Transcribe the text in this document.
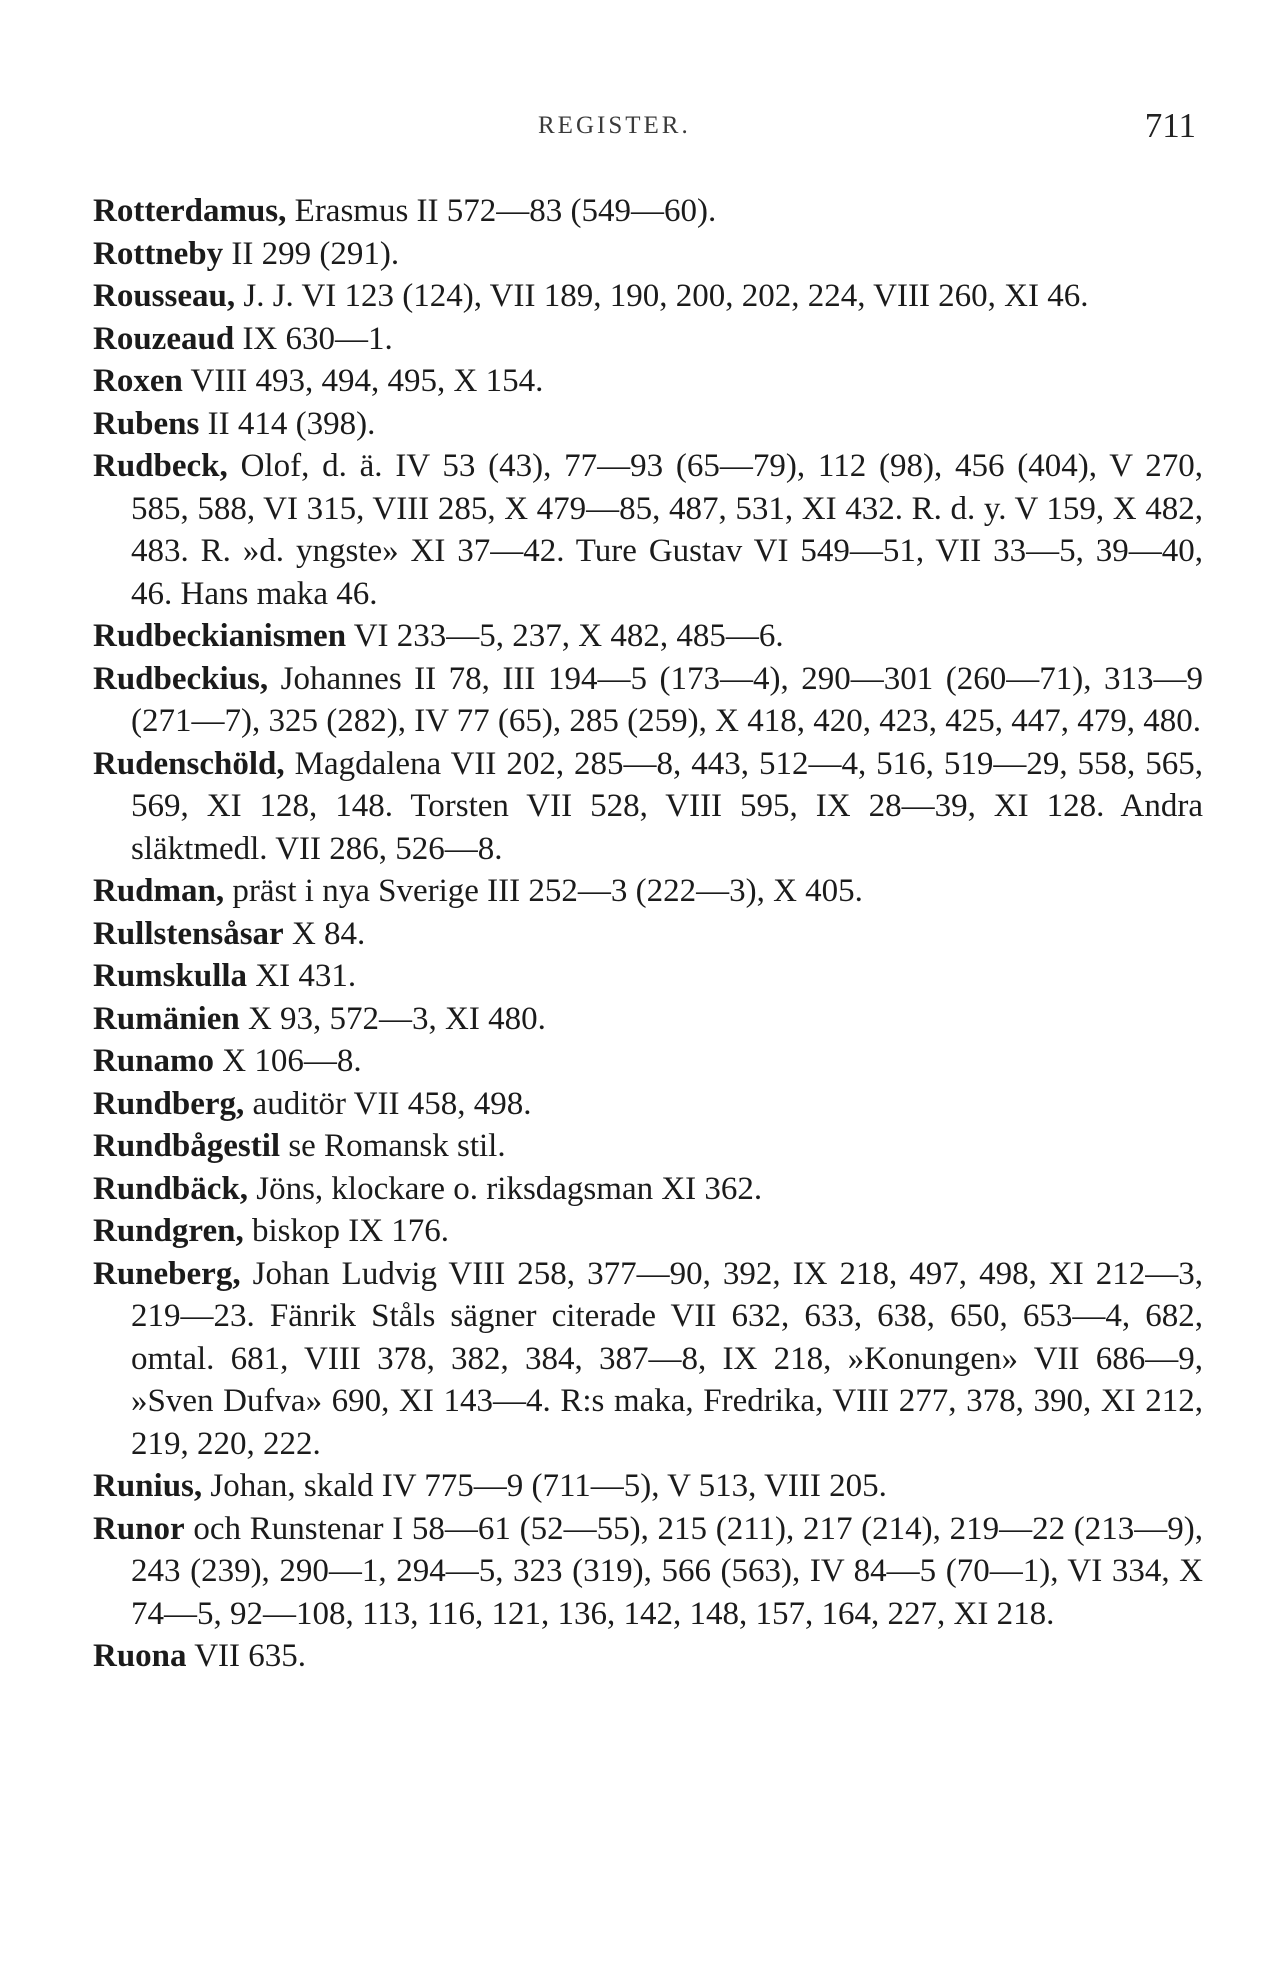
REGISTER.	711

Rotterdamus, Erasmus II 572—83 (549—60).

Rottneby II 299 (291).

Rousseau, J. J. VI 123 (124), VII 189, 190, 200, 202, 224, VIII 260, XI 46.

Rouzeaud IX 630—1.

Roxen VIII 493, 494, 495, X 154.

Rubens II 414 (398).

Rudbeck, Olof, d. ä. IV 53 (43), 77—93 (65—79), 112 (98), 456 (404), V 270, 585, 588, VI 315, VIII 285, X 479—85, 487, 531, XI 432. R. d. y. V 159, X 482, 483. R. »d. yngste» XI 37—42. Ture Gustav VI 549—51, VII 33—5, 39—40, 46. Hans maka 46.

Rudbeckianismen VI 233—5, 237, X 482, 485—6.

Rudbeckius, Johannes II 78, III 194—5 (173—4), 290—301 (260—71), 313—9 (271—7), 325 (282), IV 77 (65), 285 (259), X 418, 420, 423, 425, 447, 479, 480.

Rudenschöld, Magdalena VII 202, 285—8, 443, 512—4, 516, 519—29, 558, 565, 569, XI 128, 148. Torsten VII 528, VIII 595, IX 28—39, XI 128. Andra släktmedl. VII 286, 526—8.

Rudman, präst i nya Sverige III 252—3 (222—3), X 405.

Rullstensåsar X 84.

Rumskulla XI 431.

Rumänien X 93, 572—3, XI 480.

Runamo X 106—8.

Rundberg, auditör VII 458, 498.

Rundbågestil se Romansk stil.

Rundbäck, Jöns, klockare o. riksdagsman XI 362.

Rundgren, biskop IX 176.

Runeberg, Johan Ludvig VIII 258, 377—90, 392, IX 218, 497, 498, XI 212—3, 219—23. Fänrik Ståls sägner citerade VII 632, 633, 638, 650, 653—4, 682, omtal. 681, VIII 378, 382, 384, 387—8, IX 218, »Konungen» VII 686—9, »Sven Dufva» 690, XI 143—4. R:s maka, Fredrika, VIII 277, 378, 390, XI 212, 219, 220, 222.

Runius, Johan, skald IV 775—9 (711—5), V 513, VIII 205.

Runor och Runstenar I 58—61 (52—55), 215 (211), 217 (214), 219—22 (213—9), 243 (239), 290—1, 294—5, 323 (319), 566 (563), IV 84—5 (70—1), VI 334, X 74—5, 92—108, 113, 116, 121, 136, 142, 148, 157, 164, 227, XI 218.

Ruona VII 635.
